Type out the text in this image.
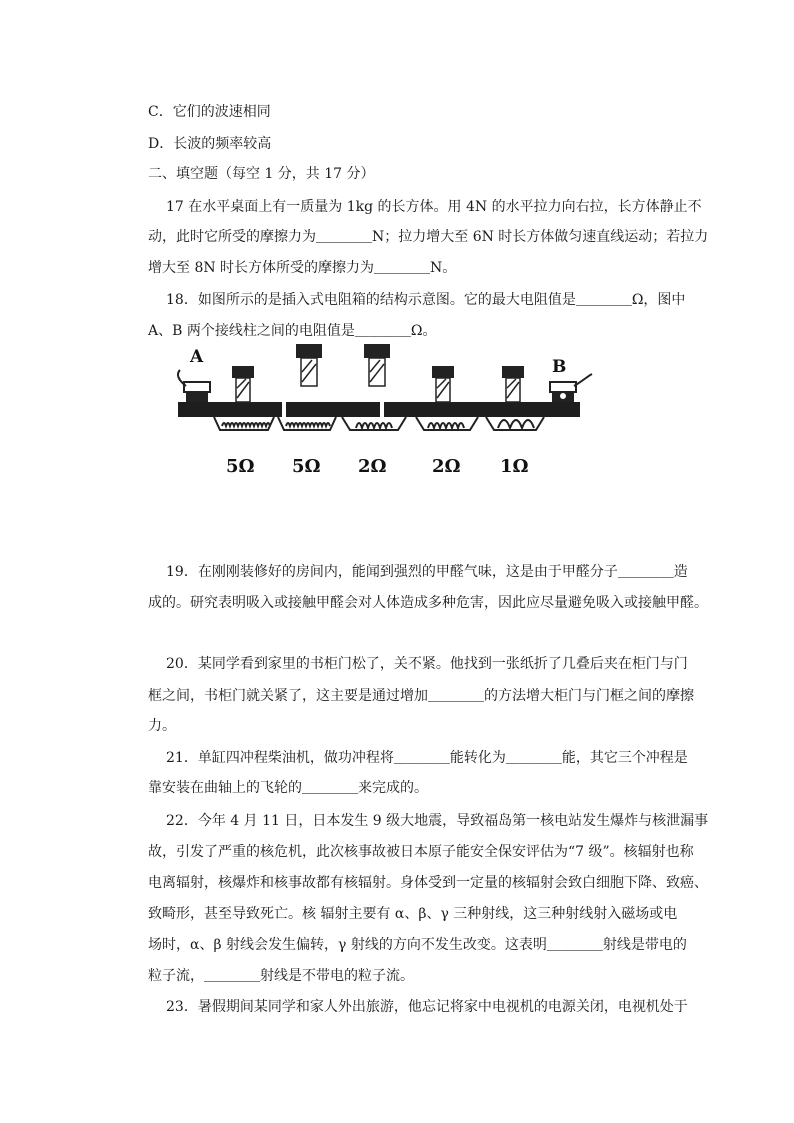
C．它们的波速相同
D．长波的频率较高
二、填空题（每空 1 分，共 17 分）
17 在水平桌面上有一质量为 1kg 的长方体。用 4N 的水平拉力向右拉，长方体静止不
动，此时它所受的摩擦力为＿＿＿＿N；拉力增大至 6N 时长方体做匀速直线运动；若拉力
增大至 8N 时长方体所受的摩擦力为＿＿＿＿N。
18．如图所示的是插入式电阻箱的结构示意图。它的最大电阻值是＿＿＿＿Ω，图中
A、B 两个接线柱之间的电阻值是＿＿＿＿Ω。
A	B
5Ω 5Ω 2Ω	2Ω 1Ω
19．在刚刚装修好的房间内，能闻到强烈的甲醛气味，这是由于甲醛分子＿＿＿＿造
成的。研究表明吸入或接触甲醛会对人体造成多种危害，因此应尽量避免吸入或接触甲醛。
20．某同学看到家里的书柜门松了，关不紧。他找到一张纸折了几叠后夹在柜门与门
框之间，书柜门就关紧了，这主要是通过增加＿＿＿＿的方法增大柜门与门框之间的摩擦
力。
21．单缸四冲程柴油机，做功冲程将＿＿＿＿能转化为＿＿＿＿能，其它三个冲程是
靠安装在曲轴上的飞轮的＿＿＿＿来完成的。
22．今年 4 月 11 日，日本发生 9 级大地震，导致福岛第一核电站发生爆炸与核泄漏事
故，引发了严重的核危机，此次核事故被日本原子能安全保安评估为“7 级”。核辐射也称
电离辐射，核爆炸和核事故都有核辐射。身体受到一定量的核辐射会致白细胞下降、致癌、
致畸形，甚至导致死亡。核 辐射主要有 α、β、γ 三种射线，这三种射线射入磁场或电
场时，α、β 射线会发生偏转，γ 射线的方向不发生改变。这表明＿＿＿＿射线是带电的
粒子流，＿＿＿＿射线是不带电的粒子流。
23．暑假期间某同学和家人外出旅游，他忘记将家中电视机的电源关闭，电视机处于
